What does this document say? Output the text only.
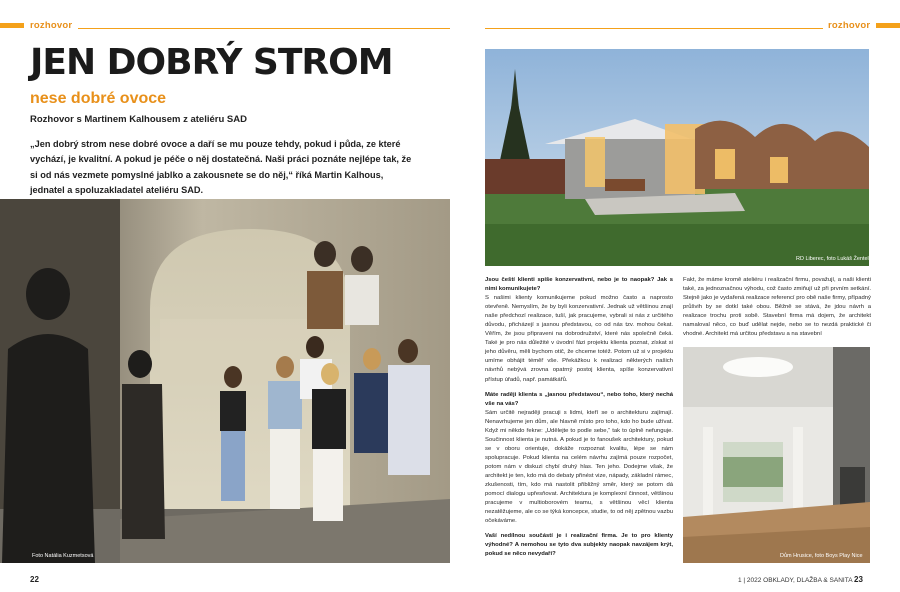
rozhovor	rozhovor
JEN DOBRÝ STROM
nese dobré ovoce
Rozhovor s Martinem Kalhousem z ateliéru SAD
„Jen dobrý strom nese dobré ovoce a daří se mu pouze tehdy, pokud i půda, ze které vychází, je kvalitní. A pokud je péče o něj dostatečná. Naši práci poznáte nejlépe tak, že si od nás vezmete pomyslné jablko a zakousnete se do něj,“ říká Martin Kalhous, jednatel a spoluzakladatel ateliéru SAD.
Foto Natália Kuzmetsová
RD Liberec, foto Lukáš Žentel
Dům Hrusice, foto Boys Play Nice

Jsou čeští klienti spíše konzervativní, nebo je to naopak? Jak s nimi komunikujete?

S našimi klienty komunikujeme pokud možno často a naprosto otevřeně. Nemyslím, že by byli konzervativní. Jednak už většinou znají naše předchozí realizace, tuší, jak pracujeme, vybrali si nás z určitého důvodu, přicházejí s jasnou představou, co od nás tzv. mohou čekat. Věřím, že jsou připraveni na dobrodružství, které nás společně čeká. Také je pro nás důležité v úvodní fázi projektu klienta poznat, získat si jeho důvěru, měli bychom otič, že chceme totéž. Potom už si v projektu umíme obhájit téměř vše. Překážkou k realizaci některých našich návrhů nebývá zrovna opatrný postoj klienta, spíše konzervativní přístup úřadů, např. památkářů.

Máte raději klienta s „jasnou představou“, nebo toho, který nechá vše na vás?

Sám určitě nejraději pracuji s lidmi, kteří se o architekturu zajímají. Nenavrhujeme jen dům, ale hlavně místo pro toho, kdo ho bude užívat. Když mi někdo řekne: „Udělejte to podle sebe,“ tak to úplně nefunguje. Součinnost klienta je nutná. A pokud je to fanoušek architektury, pokud se v oboru orientuje, dokáže rozpoznat kvalitu, lépe se nám spolupracuje. Pokud klienta na celém návrhu zajímá pouze rozpočet, potom nám v diskuzi chybí druhý hlas. Ten jeho. Dodejme však, že architekt je ten, kdo má do debaty přinést vize, nápady, základní rámec, zkušenosti, tím, kdo má nastolit přibližný směr, který se potom dá pomocí dialogu upřesňovat. Architektura je komplexní činnost, většinou pracujeme v multioborovém teamu, s většinou věcí klienta nezatěžujeme, ale co se týká koncepce, studie, to od něj zpětnou vazbu očekáváme.

Vaší nedílnou součástí je i realizační firma. Je to pro klienty výhodné? A nemohou se tyto dva subjekty naopak navzájem krýt, pokud se něco nevydaří?

Fakt, že máme kromě ateliéru i realizační firmu, považují, a naši klienti také, za jednoznačnou výhodu, což často zmiňují už při prvním setkání. Stejně jako je vydařená realizace referencí pro obě naše firmy, případný průšvih by se dotkl také obou. Běžně se stává, že jdou návrh a realizace trochu proti sobě. Stavební firma má dojem, že architekt namaloval něco, co buď udělat nejde, nebo se to nezdá praktické či vhodné. Architekt má určitou představu a na stavební

22	1 | 2022 OBKLADY, DLAŽBA & SANITA 23
